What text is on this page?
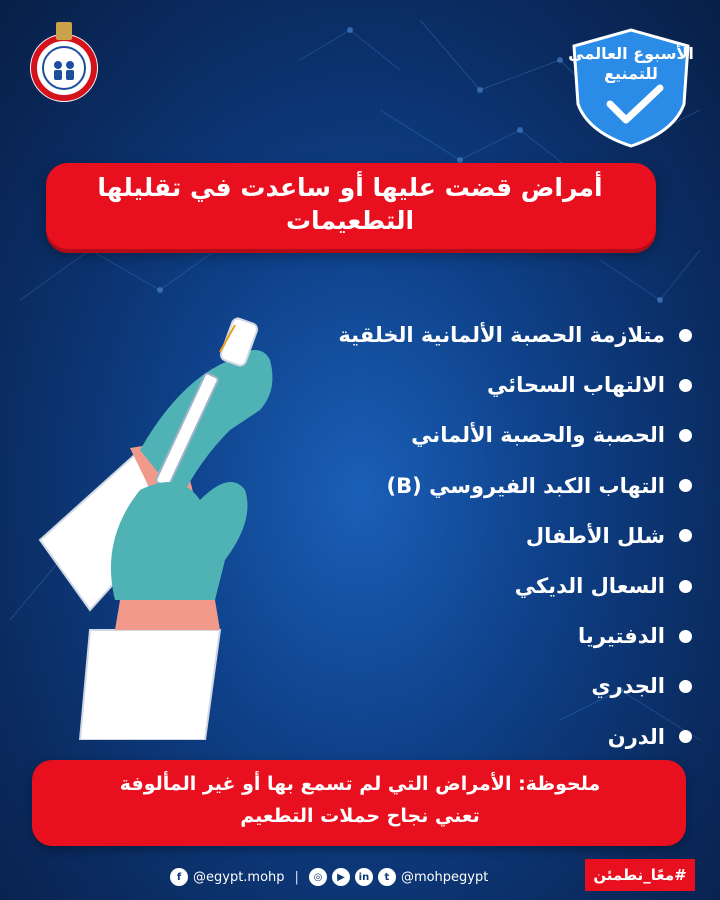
الأسبوع العالمي
للتمنيع
أمراض قضت عليها أو ساعدت في تقليلها
التطعيمات
متلازمة الحصبة الألمانية الخلقية
الالتهاب السحائي
الحصبة والحصبة الألماني
التهاب الكبد الفيروسي (B)
شلل الأطفال
السعال الديكي
الدفتيريا
الجدري
الدرن
ملحوظة: الأمراض التي لم تسمع بها أو غير المألوفة
تعني نجاح حملات التطعيم
f @egypt.mohp |	◎	▶	in	t @mohpegypt	#معًا_نطمئن
